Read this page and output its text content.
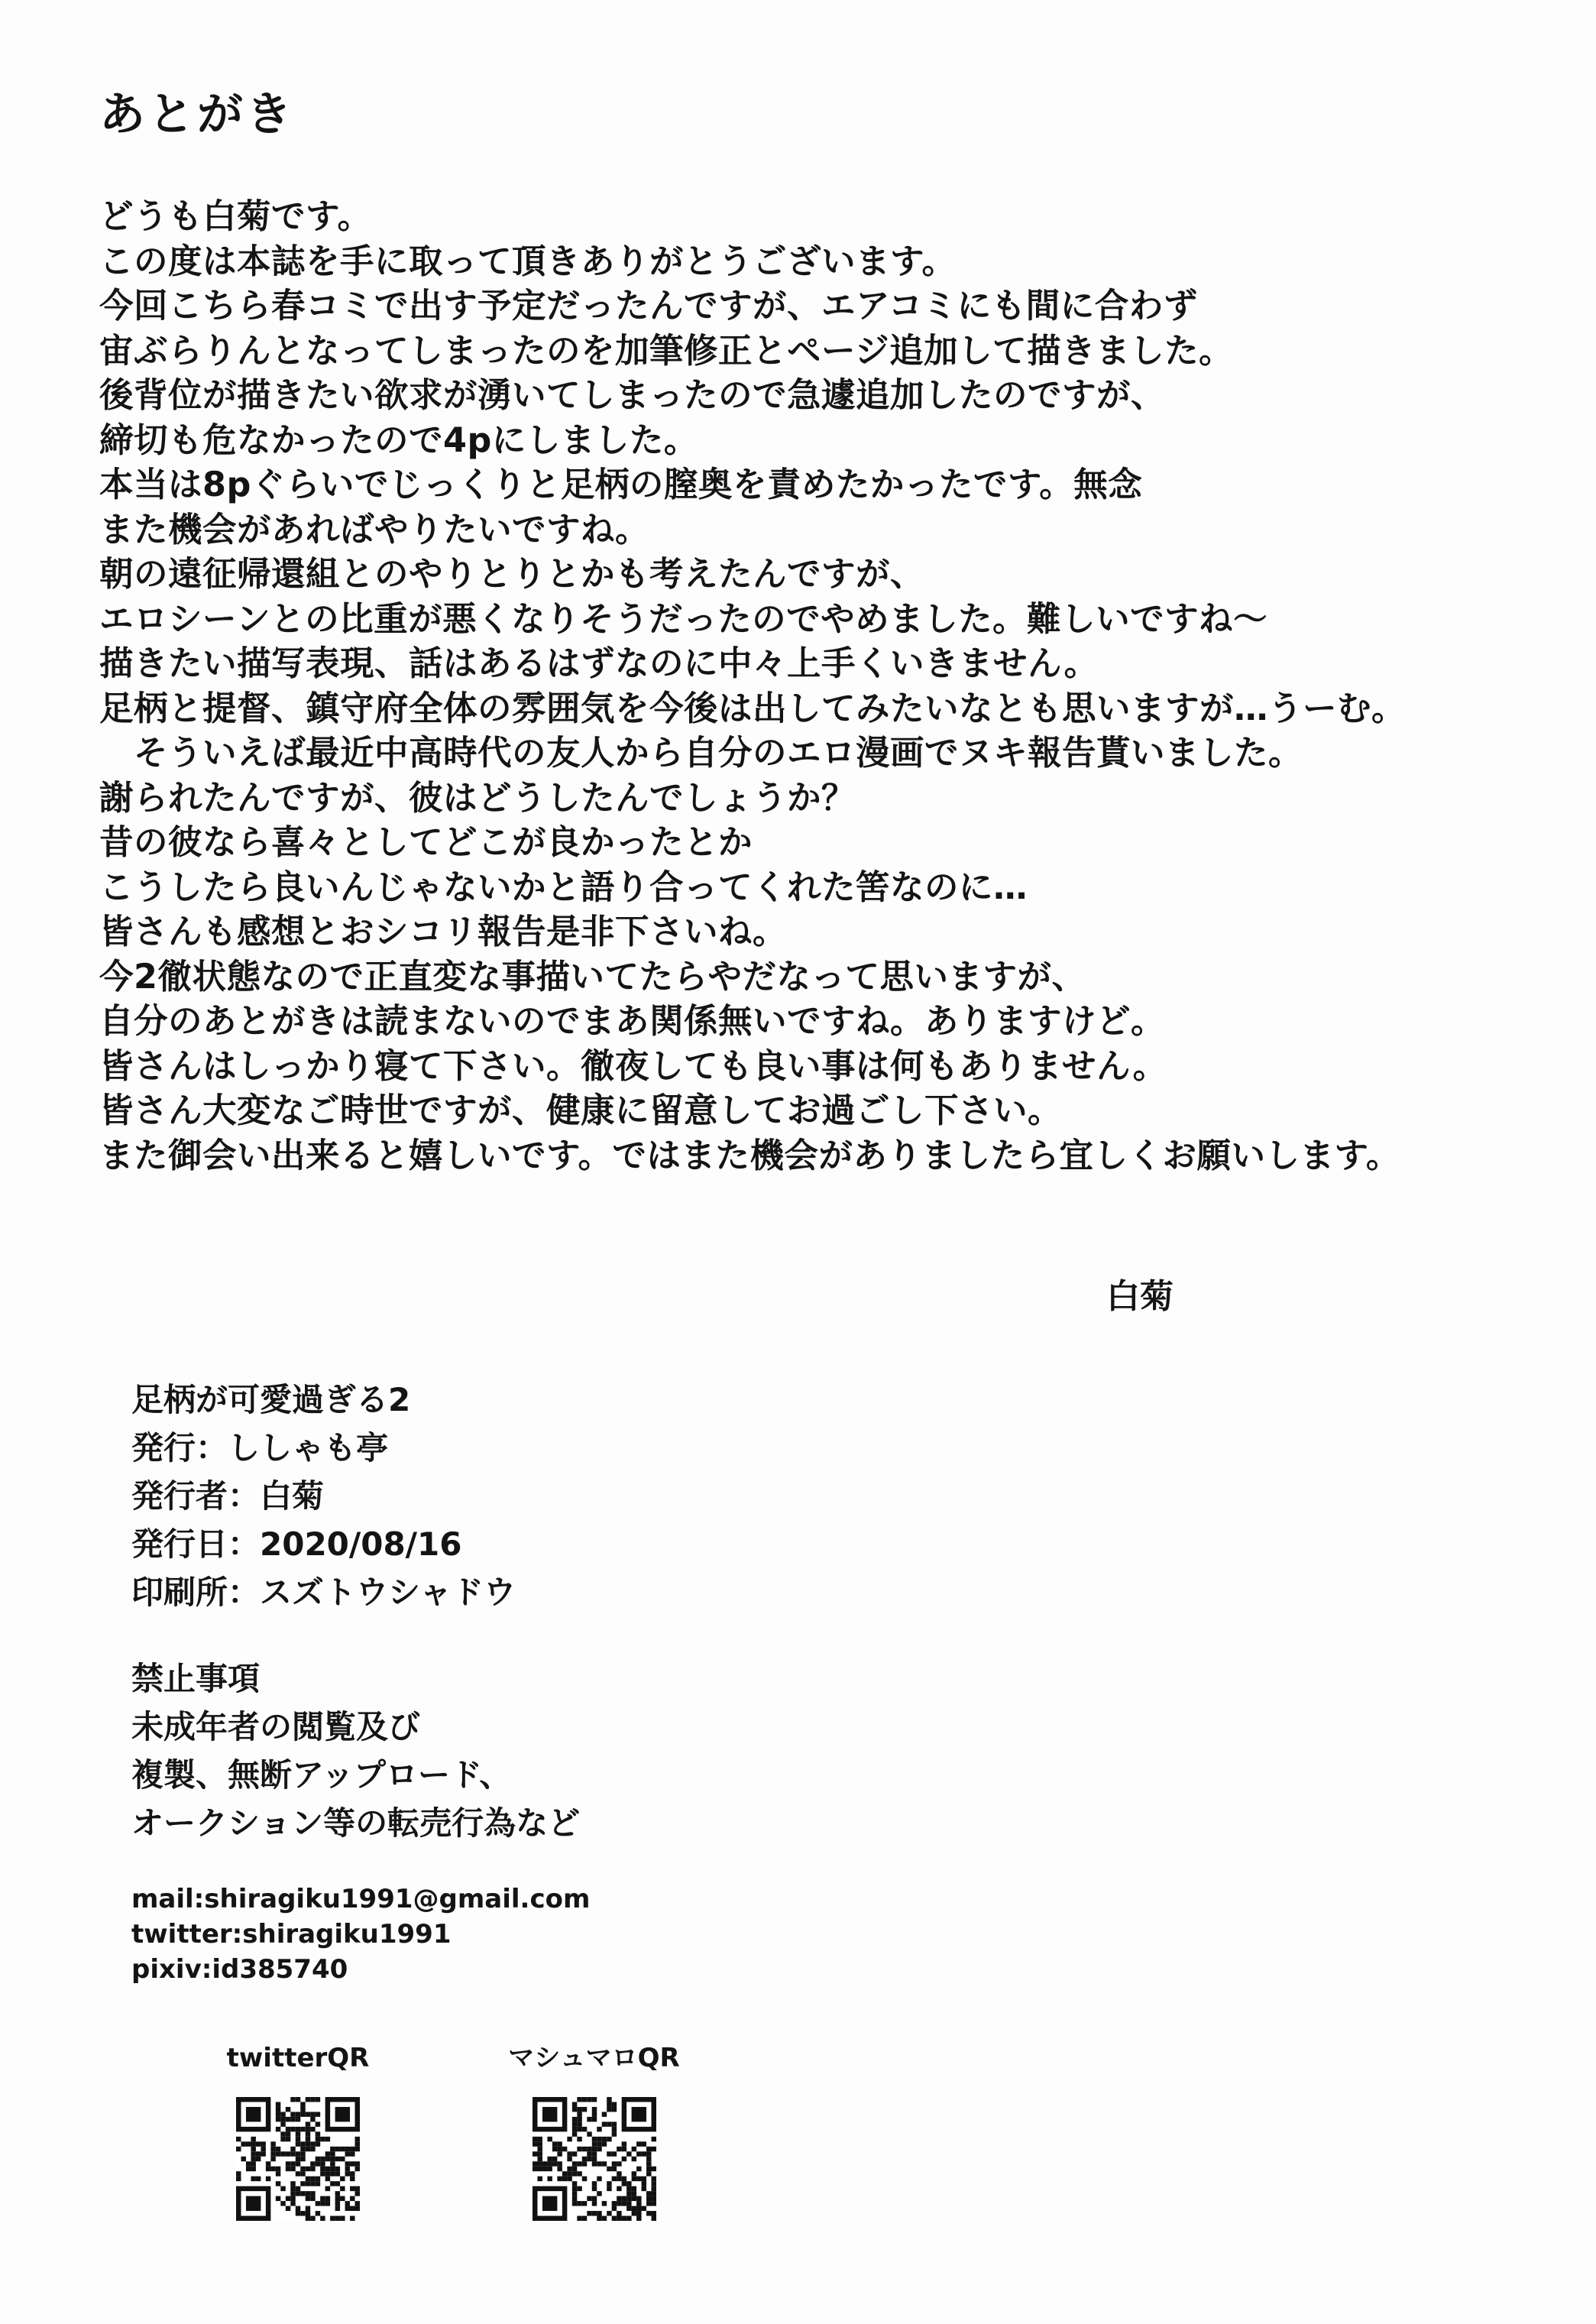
あとがき
どうも白菊です。
この度は本誌を手に取って頂きありがとうございます。
今回こちら春コミで出す予定だったんですが、エアコミにも間に合わず
宙ぶらりんとなってしまったのを加筆修正とページ追加して描きました。
後背位が描きたい欲求が湧いてしまったので急遽追加したのですが、
締切も危なかったので4pにしました。
本当は8pぐらいでじっくりと足柄の膣奥を責めたかったです。無念
また機会があればやりたいですね。
朝の遠征帰還組とのやりとりとかも考えたんですが、
エロシーンとの比重が悪くなりそうだったのでやめました。難しいですね～
描きたい描写表現、話はあるはずなのに中々上手くいきません。
足柄と提督、鎮守府全体の雰囲気を今後は出してみたいなとも思いますが…うーむ。
そういえば最近中高時代の友人から自分のエロ漫画でヌキ報告貰いました。
謝られたんですが、彼はどうしたんでしょうか？
昔の彼なら喜々としてどこが良かったとか
こうしたら良いんじゃないかと語り合ってくれた筈なのに…
皆さんも感想とおシコリ報告是非下さいね。
今2徹状態なので正直変な事描いてたらやだなって思いますが、
自分のあとがきは読まないのでまあ関係無いですね。ありますけど。
皆さんはしっかり寝て下さい。徹夜しても良い事は何もありません。
皆さん大変なご時世ですが、健康に留意してお過ごし下さい。
また御会い出来ると嬉しいです。ではまた機会がありましたら宜しくお願いします。
白菊
足柄が可愛過ぎる2
発行：ししゃも亭
発行者：白菊
発行日：2020/08/16
印刷所：スズトウシャドウ
禁止事項
未成年者の閲覧及び
複製、無断アップロード、
オークション等の転売行為など
mail:shiragiku1991@gmail.com
twitter:shiragiku1991
pixiv:id385740
twitterQR	マシュマロQR
